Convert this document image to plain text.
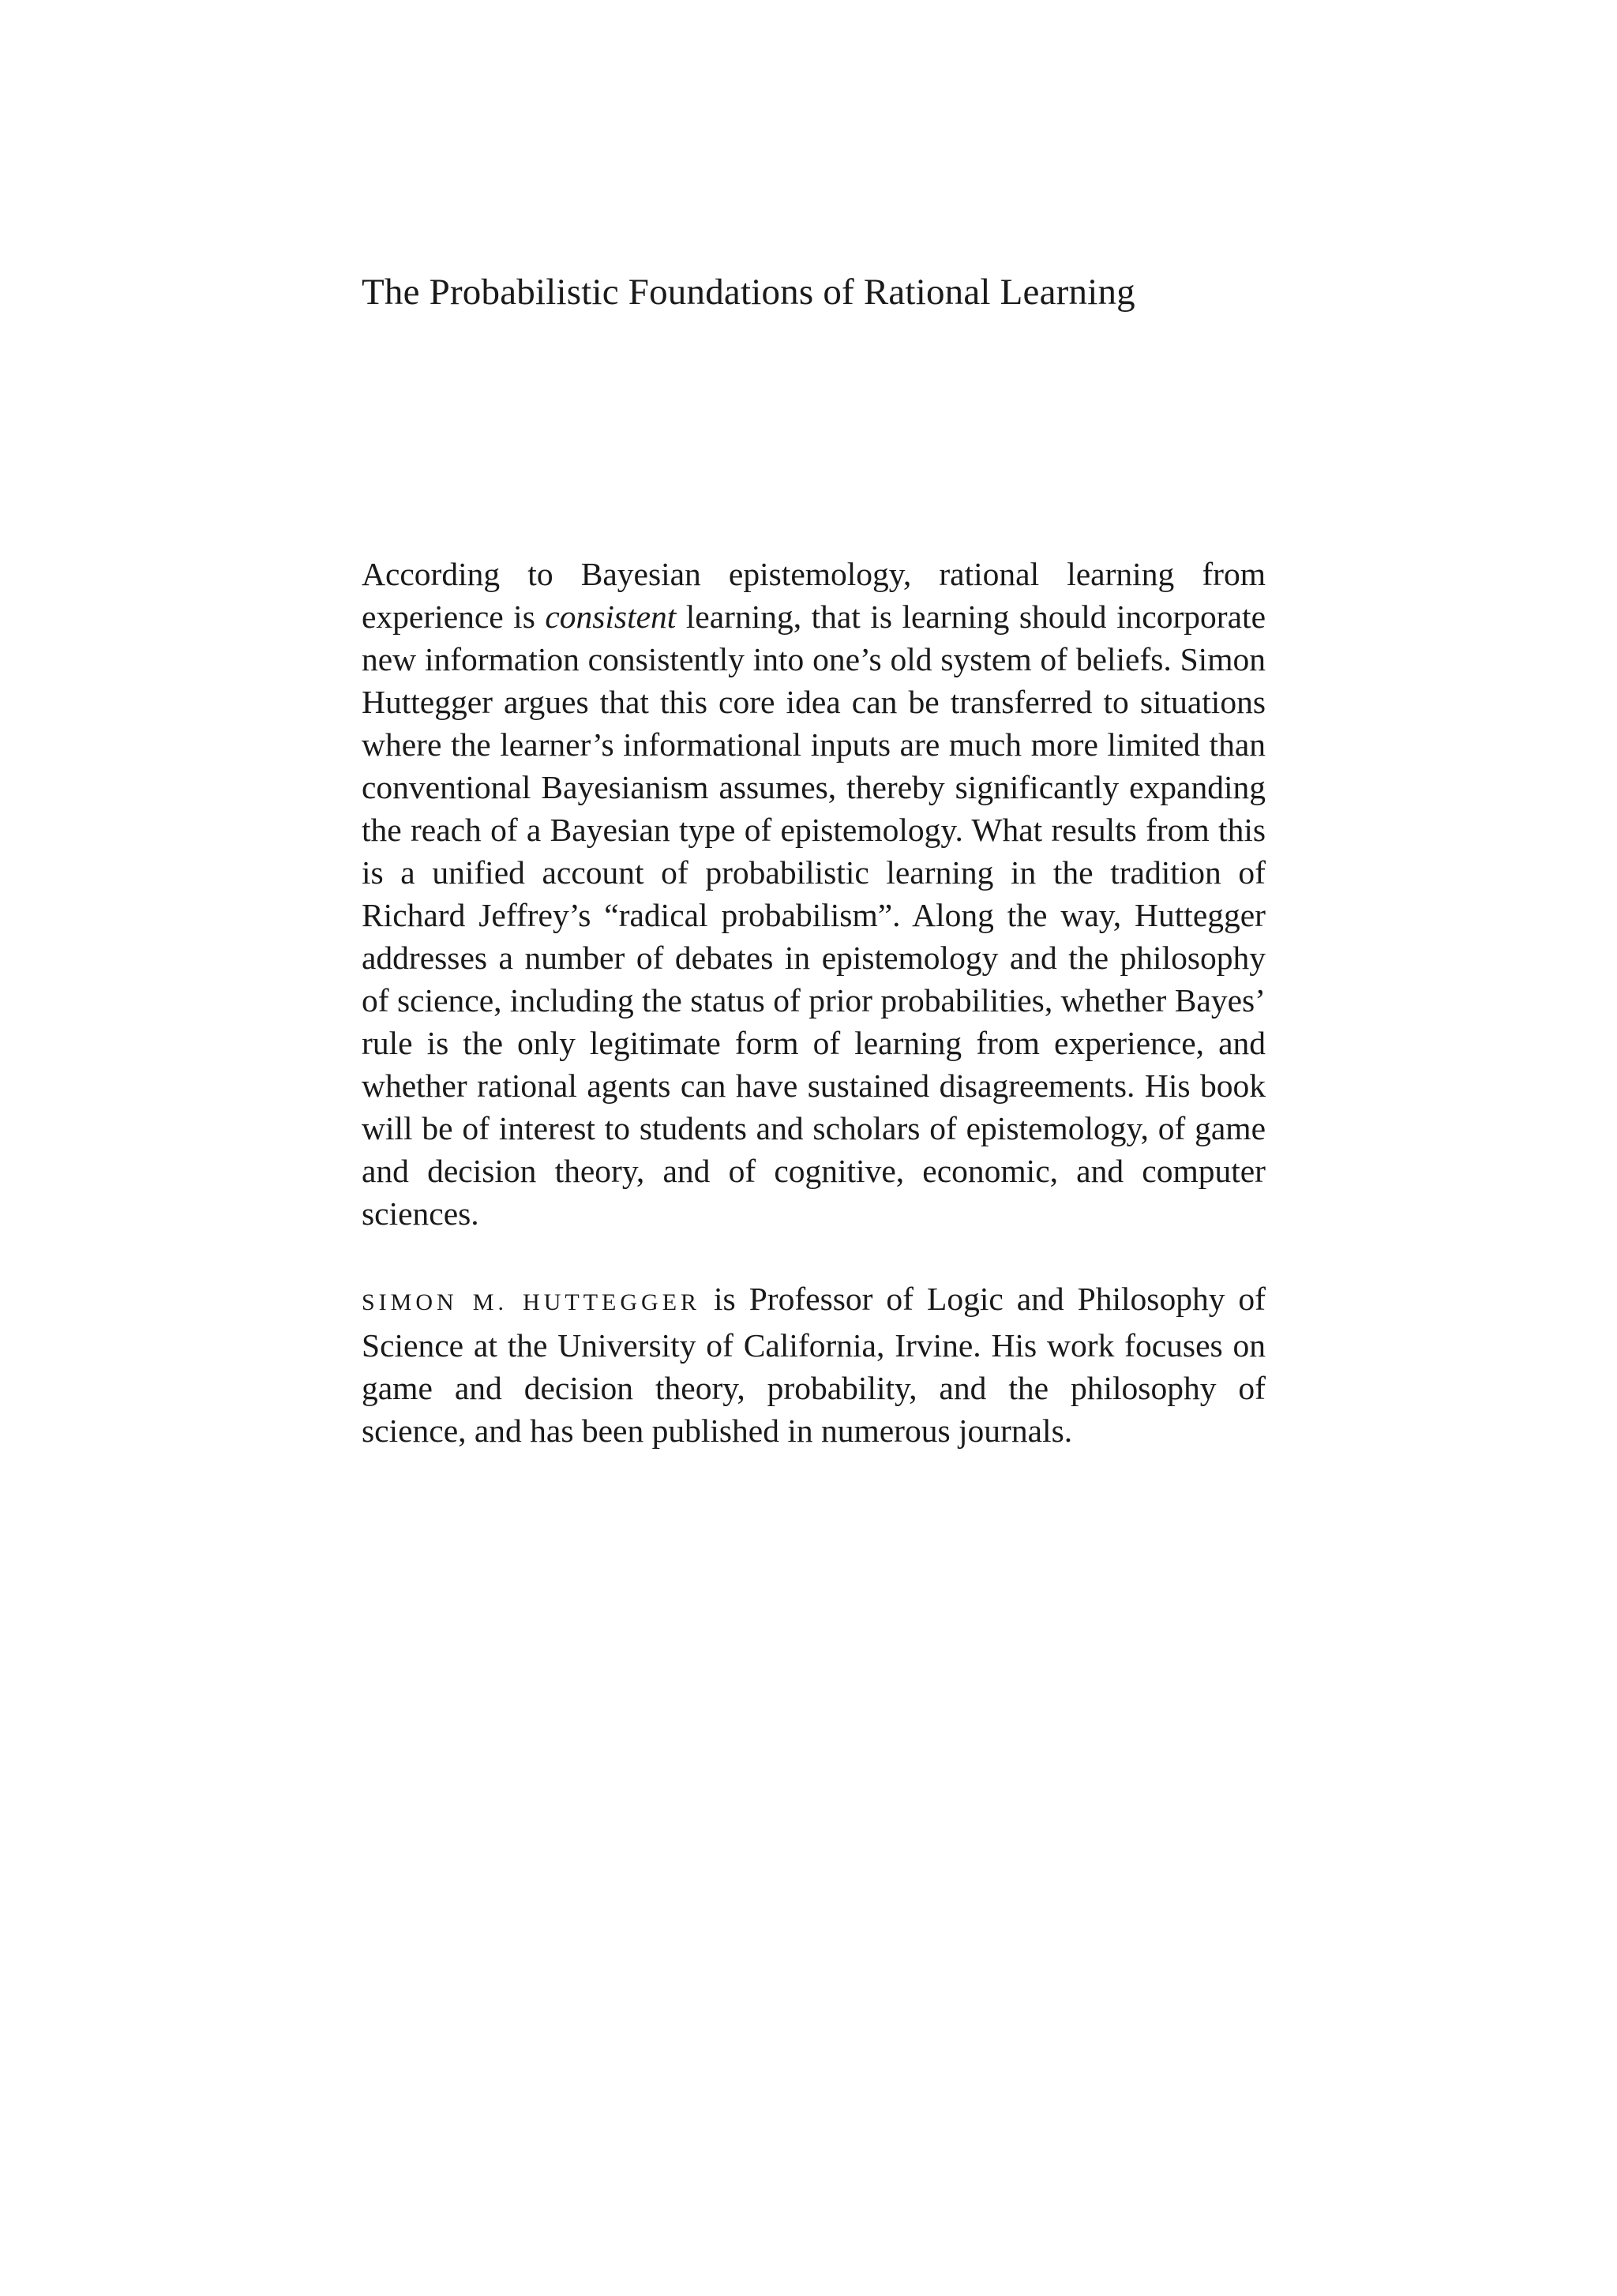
The Probabilistic Foundations of Rational Learning

According to Bayesian epistemology, rational learning from experience is consistent learning, that is learning should incorporate new information consistently into one’s old system of beliefs. Simon Huttegger argues that this core idea can be transferred to situations where the learner’s informational inputs are much more limited than conventional Bayesianism assumes, thereby significantly expanding the reach of a Bayesian type of epistemology. What results from this is a unified account of probabilistic learning in the tradition of Richard Jeffrey’s “radical probabilism”. Along the way, Huttegger addresses a number of debates in epistemology and the philosophy of science, including the status of prior probabilities, whether Bayes’ rule is the only legitimate form of learning from experience, and whether rational agents can have sustained disagreements. His book will be of interest to students and scholars of epistemology, of game and decision theory, and of cognitive, economic, and computer sciences.

SIMON M. HUTTEGGER is Professor of Logic and Philosophy of Science at the University of California, Irvine. His work focuses on game and decision theory, probability, and the philosophy of science, and has been published in numerous journals.
